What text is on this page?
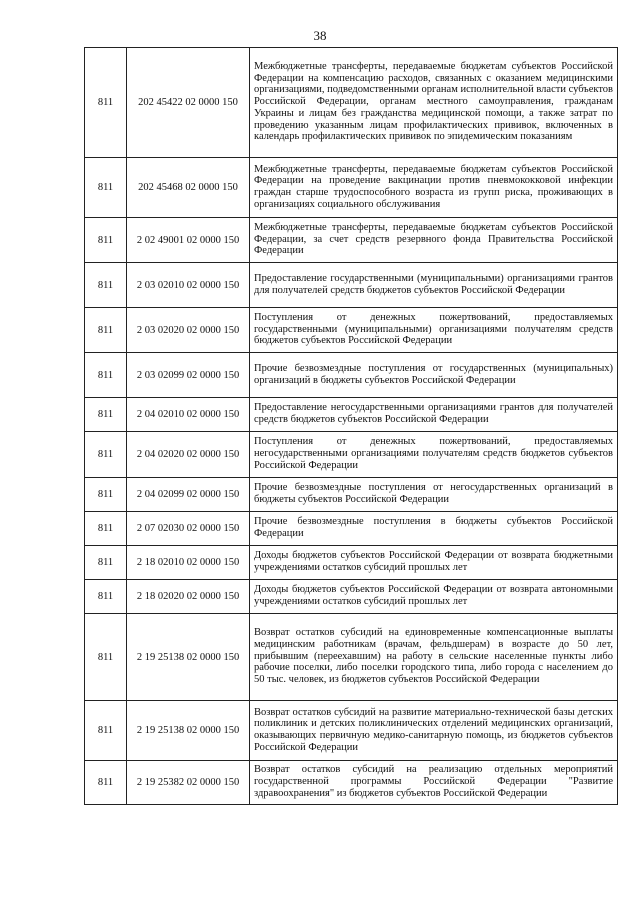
38
811	202 45422 02 0000 150	Межбюджетные трансферты, передаваемые бюджетам субъектов Российской Федерации на компенсацию расходов, связанных с оказанием медицинскими организациями, подведомственными органам исполнительной власти субъектов Российской Федерации, органам местного самоуправления, гражданам Украины и лицам без гражданства медицинской помощи, а также затрат по проведению указанным лицам профилактических прививок, включенных в календарь профилактических прививок по эпидемическим показаниям
811	202 45468 02 0000 150	Межбюджетные трансферты, передаваемые бюджетам субъектов Российской Федерации на проведение вакцинации против пневмококковой инфекции граждан старше трудоспособного возраста из групп риска, проживающих в организациях социального обслуживания
811	2 02 49001 02 0000 150	Межбюджетные трансферты, передаваемые бюджетам субъектов Российской Федерации, за счет средств резервного фонда Правительства Российской Федерации
811	2 03 02010 02 0000 150	Предоставление государственными (муниципальными) организациями грантов для получателей средств бюджетов субъектов Российской Федерации
811	2 03 02020 02 0000 150	Поступления от денежных пожертвований, предоставляемых государственными (муниципальными) организациями получателям средств бюджетов субъектов Российской Федерации
811	2 03 02099 02 0000 150	Прочие безвозмездные поступления от государственных (муниципальных) организаций в бюджеты субъектов Российской Федерации
811	2 04 02010 02 0000 150	Предоставление негосударственными организациями грантов для получателей средств бюджетов субъектов Российской Федерации
811	2 04 02020 02 0000 150	Поступления от денежных пожертвований, предоставляемых негосударственными организациями получателям средств бюджетов субъектов Российской Федерации
811	2 04 02099 02 0000 150	Прочие безвозмездные поступления от негосударственных организаций в бюджеты субъектов Российской Федерации
811	2 07 02030 02 0000 150	Прочие безвозмездные поступления в бюджеты субъектов Российской Федерации
811	2 18 02010 02 0000 150	Доходы бюджетов субъектов Российской Федерации от возврата бюджетными учреждениями остатков субсидий прошлых лет
811	2 18 02020 02 0000 150	Доходы бюджетов субъектов Российской Федерации от возврата автономными учреждениями остатков субсидий прошлых лет
811	2 19 25138 02 0000 150	Возврат остатков субсидий на единовременные компенсационные выплаты медицинским работникам (врачам, фельдшерам) в возрасте до 50 лет, прибывшим (переехавшим) на работу в сельские населенные пункты либо рабочие поселки, либо поселки городского типа, либо города с населением до 50 тыс. человек, из бюджетов субъектов Российской Федерации
811	2 19 25138 02 0000 150	Возврат остатков субсидий на развитие материально-технической базы детских поликлиник и детских поликлинических отделений медицинских организаций, оказывающих первичную медико-санитарную помощь, из бюджетов субъектов Российской Федерации
811	2 19 25382 02 0000 150	Возврат остатков субсидий на реализацию отдельных мероприятий государственной программы Российской Федерации "Развитие здравоохранения" из бюджетов субъектов Российской Федерации
